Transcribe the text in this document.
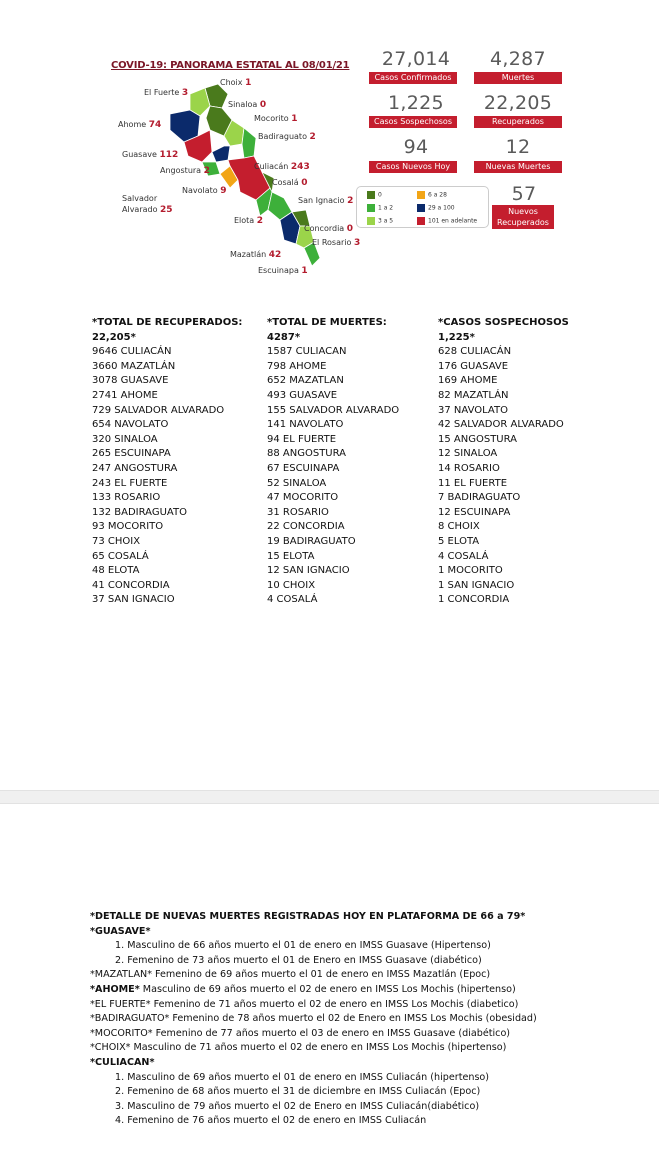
COVID-19: PANORAMA ESTATAL AL 08/01/21
Choix 1
El Fuerte 3
Sinaloa 0
Mocorito 1
Ahome 74
Badiraguato 2
Guasave 112
Culiacán 243
Angostura 2
Cosalá 0
Navolato 9
Salvador
Alvarado 25
San Ignacio 2
Elota 2
Concordia 0
El Rosario 3
Mazatlán 42
Escuinapa 1
27,014
Casos Confirmados
4,287
Muertes
1,225
Casos Sospechosos
22,205
Recuperados
94
Casos Nuevos Hoy
12
Nuevas Muertes
0
1 a 2
3 a 5
6 a 28
29 a 100
101 en adelante
57
Nuevos
Recuperados
*TOTAL DE RECUPERADOS:
22,205*
9646 CULIACÁN
3660 MAZATLÁN
3078 GUASAVE
2741 AHOME
729 SALVADOR ALVARADO
654 NAVOLATO
320 SINALOA
265 ESCUINAPA
247 ANGOSTURA
243 EL FUERTE
133 ROSARIO
132 BADIRAGUATO
93 MOCORITO
73 CHOIX
65 COSALÁ
48 ELOTA
41 CONCORDIA
37 SAN IGNACIO
*TOTAL DE MUERTES:
4287*
1587 CULIACAN
798 AHOME
652 MAZATLAN
493 GUASAVE
155 SALVADOR ALVARADO
141 NAVOLATO
94 EL FUERTE
88 ANGOSTURA
67 ESCUINAPA
52 SINALOA
47 MOCORITO
31 ROSARIO
22 CONCORDIA
19 BADIRAGUATO
15 ELOTA
12 SAN IGNACIO
10 CHOIX
4 COSALÁ
*CASOS SOSPECHOSOS
1,225*
628 CULIACÁN
176 GUASAVE
169 AHOME
82 MAZATLÁN
37 NAVOLATO
42 SALVADOR ALVARADO
15 ANGOSTURA
12 SINALOA
14 ROSARIO
11 EL FUERTE
7 BADIRAGUATO
12 ESCUINAPA
8 CHOIX
5 ELOTA
4 COSALÁ
1 MOCORITO
1 SAN IGNACIO
1 CONCORDIA
*DETALLE DE NUEVAS MUERTES REGISTRADAS HOY EN PLATAFORMA DE 66 a 79*
*GUASAVE*
1. Masculino de 66 años muerto el 01 de enero en IMSS Guasave (Hipertenso)
2. Femenino de 73 años muerto el 01 de Enero en IMSS Guasave (diabético)
*MAZATLAN* Femenino de 69 años muerto el 01 de enero en IMSS Mazatlán (Epoc)
*AHOME* Masculino de 69 años muerto el 02 de enero en IMSS Los Mochis (hipertenso)
*EL FUERTE* Femenino de 71 años muerto el 02 de enero en IMSS Los Mochis (diabetico)
*BADIRAGUATO* Femenino de 78 años muerto el 02 de Enero en IMSS Los Mochis (obesidad)
*MOCORITO* Femenino de 77 años muerto el 03 de enero en IMSS Guasave (diabético)
*CHOIX* Masculino de 71 años muerto el 02 de enero en IMSS Los Mochis (hipertenso)
*CULIACAN*
1. Masculino de 69 años muerto el 01 de enero en IMSS Culiacán (hipertenso)
2. Femenino de 68 años muerto el 31 de diciembre en IMSS Culiacán (Epoc)
3. Masculino de 79 años muerto el 02 de Enero en IMSS Culiacán(diabético)
4. Femenino de 76 años muerto el 02 de enero en IMSS Culiacán
